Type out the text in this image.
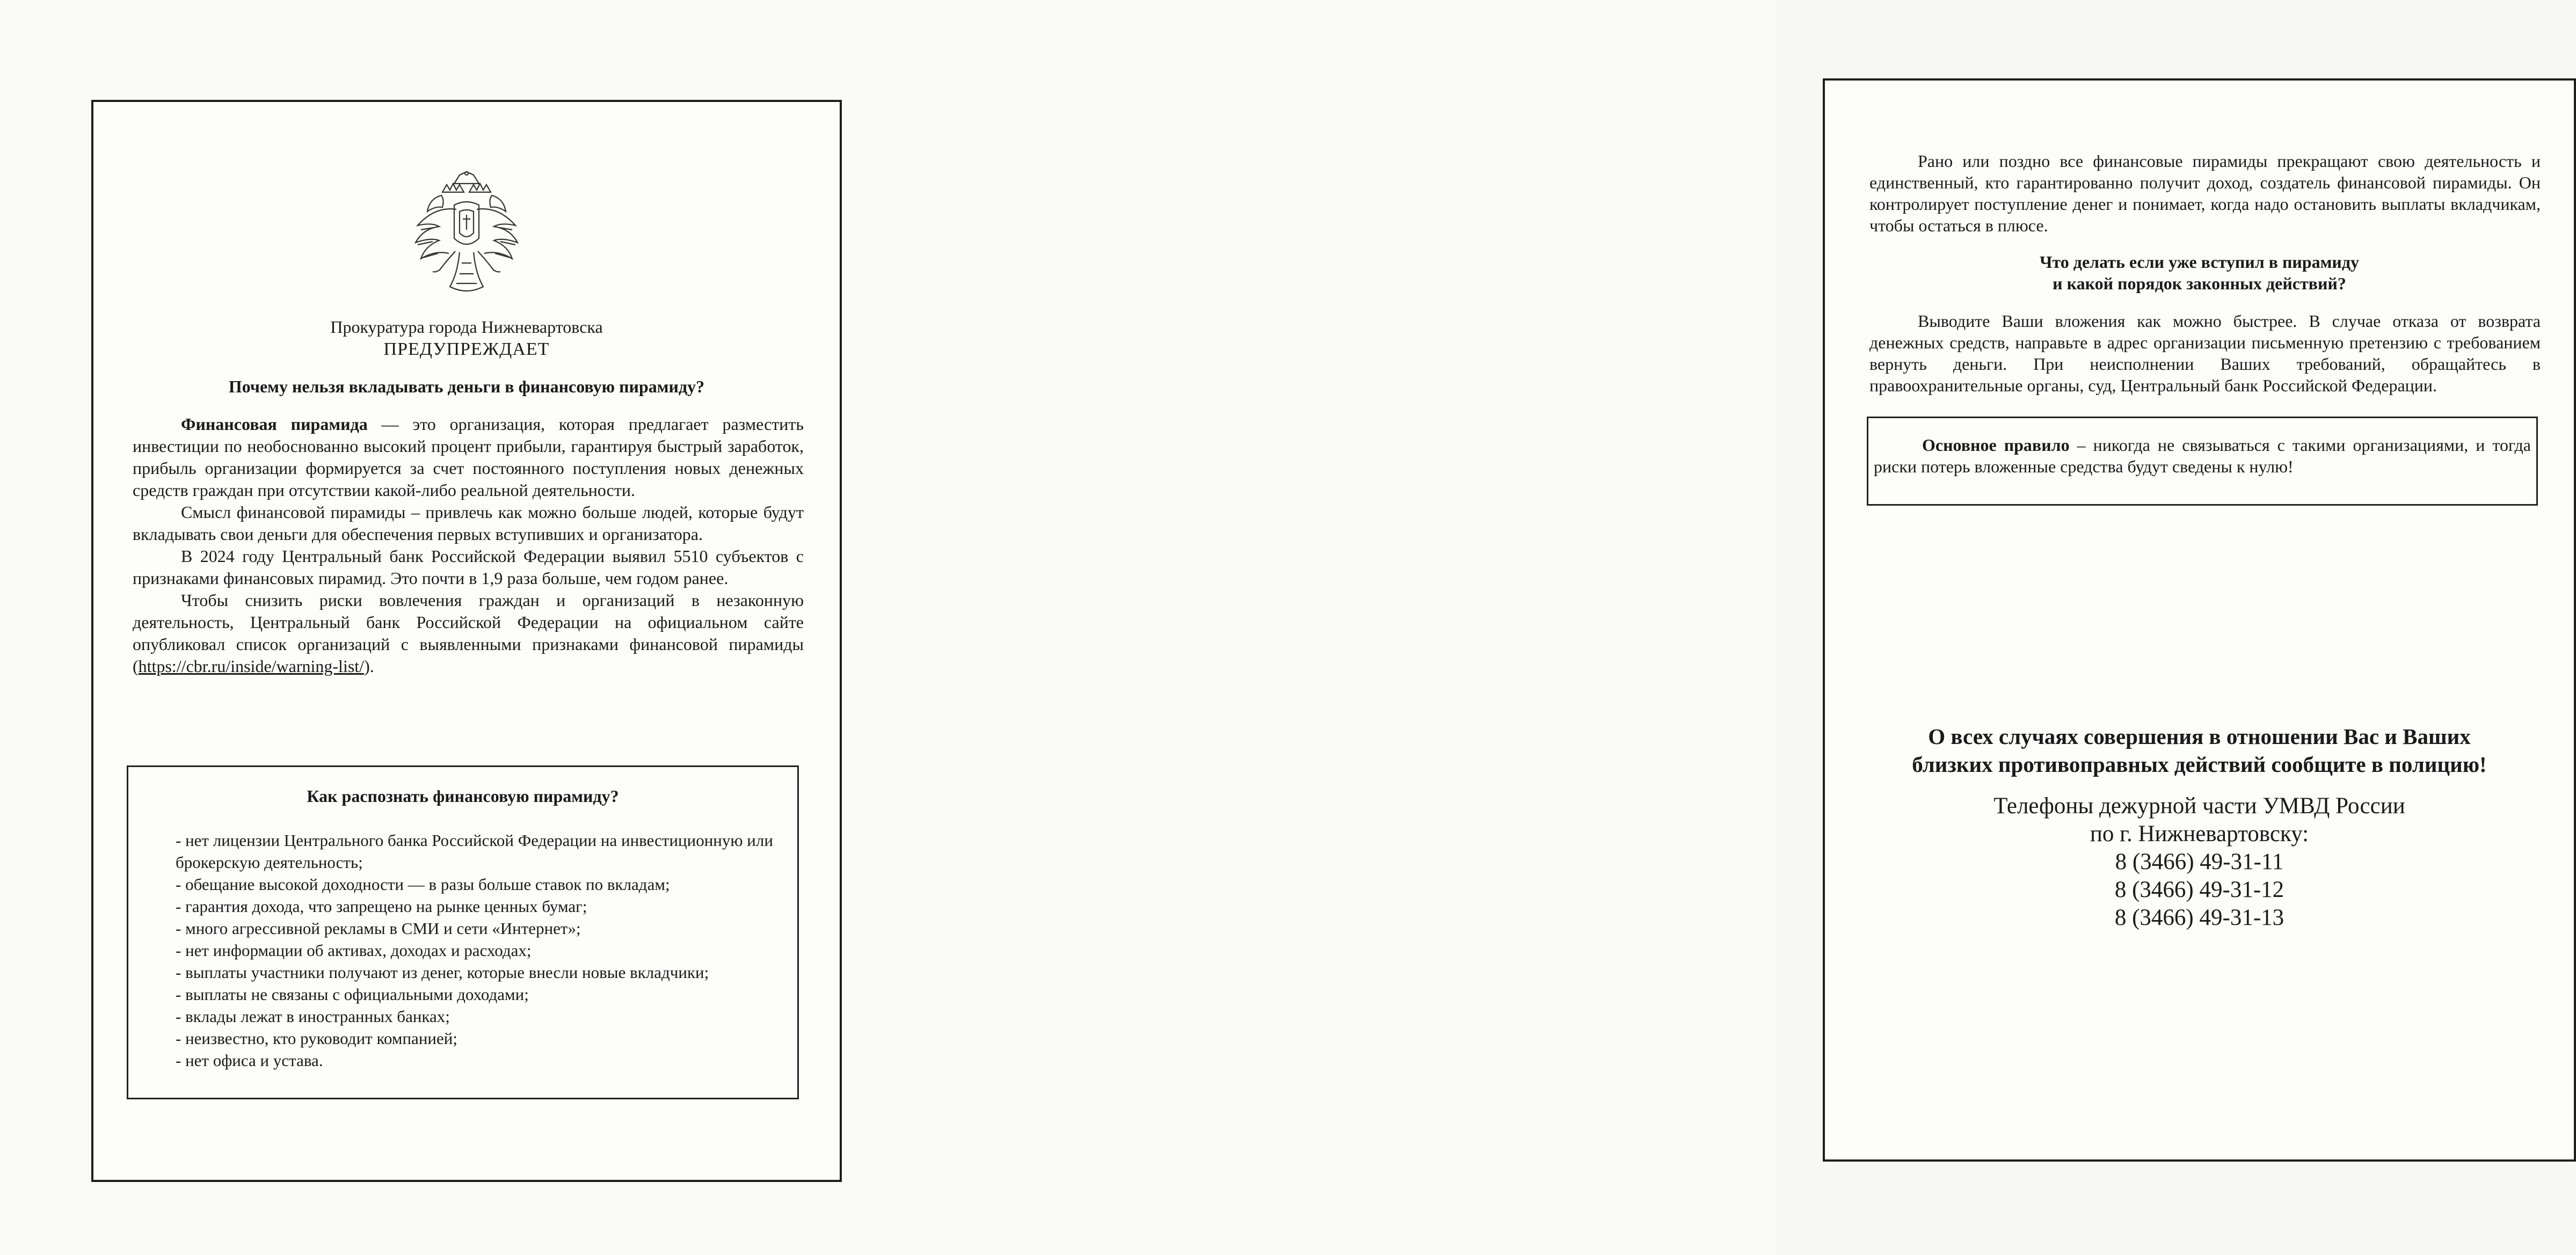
Прокуратура города Нижневартовска
ПРЕДУПРЕЖДАЕТ
Почему нельзя вкладывать деньги в финансовую пирамиду?

Финансовая пирамида — это организация, которая предлагает разместить инвестиции по необоснованно высокий процент прибыли, гарантируя быстрый заработок, прибыль организации формируется за счет постоянного поступления новых денежных средств граждан при отсутствии какой-либо реальной деятельности.

Смысл финансовой пирамиды – привлечь как можно больше людей, которые будут вкладывать свои деньги для обеспечения первых вступивших и организатора.

В 2024 году Центральный банк Российской Федерации выявил 5510 субъектов с признаками финансовых пирамид. Это почти в 1,9 раза больше, чем годом ранее.

Чтобы снизить риски вовлечения граждан и организаций в незаконную деятельность, Центральный банк Российской Федерации на официальном сайте опубликовал список организаций с выявленными признаками финансовой пирамиды (https://cbr.ru/inside/warning-list/).

Как распознать финансовую пирамиду?
- нет лицензии Центрального банка Российской Федерации на инвестиционную или брокерскую деятельность;
- обещание высокой доходности — в разы больше ставок по вкладам;
- гарантия дохода, что запрещено на рынке ценных бумаг;
- много агрессивной рекламы в СМИ и сети «Интернет»;
- нет информации об активах, доходах и расходах;
- выплаты участники получают из денег, которые внесли новые вкладчики;
- выплаты не связаны с официальными доходами;
- вклады лежат в иностранных банках;
- неизвестно, кто руководит компанией;
- нет офиса и устава.

Рано или поздно все финансовые пирамиды прекращают свою деятельность и единственный, кто гарантированно получит доход, создатель финансовой пирамиды. Он контролирует поступление денег и понимает, когда надо остановить выплаты вкладчикам, чтобы остаться в плюсе.

Что делать если уже вступил в пирамиду
и какой порядок законных действий?

Выводите Ваши вложения как можно быстрее. В случае отказа от возврата денежных средств, направьте в адрес организации письменную претензию с требованием вернуть деньги. При неисполнении Ваших требований, обращайтесь в правоохранительные органы, суд, Центральный банк Российской Федерации.

Основное правило – никогда не связываться с такими организациями, и тогда риски потерь вложенные средства будут сведены к нулю!

О всех случаях совершения в отношении Вас и Ваших
близких противоправных действий сообщите в полицию!
Телефоны дежурной части УМВД России
по г. Нижневартовску:
8 (3466) 49-31-11
8 (3466) 49-31-12
8 (3466) 49-31-13
